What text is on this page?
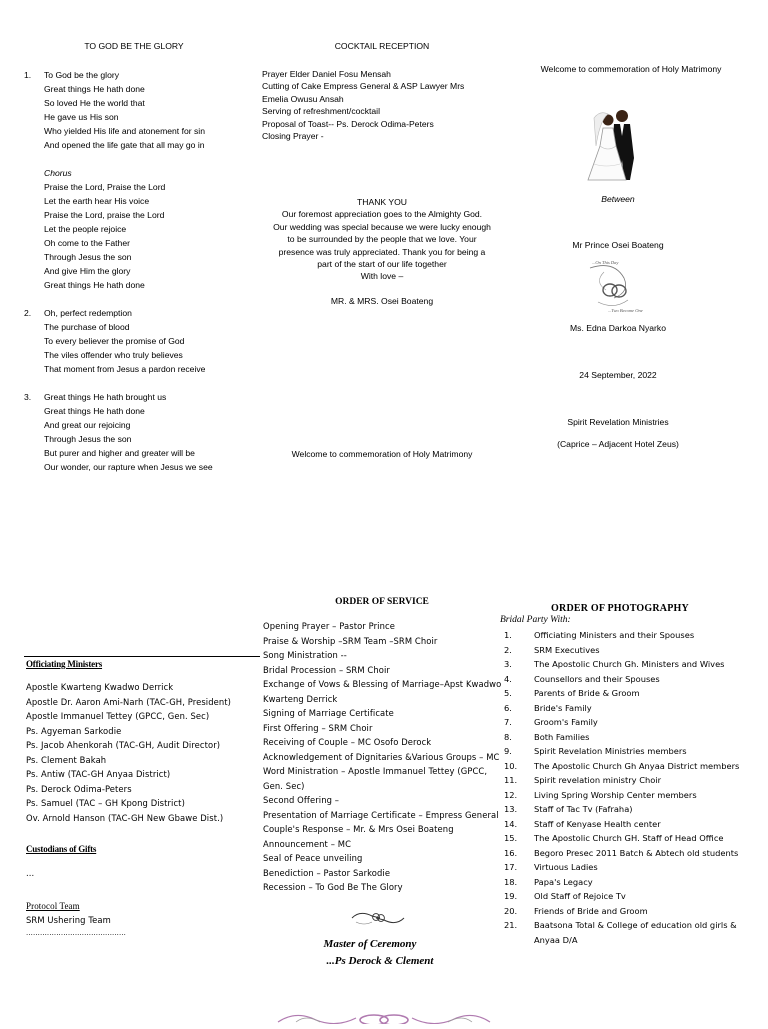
TO GOD BE THE GLORY
1.	To God be the glory
Great things He hath done
So loved He the world that
He gave us His son
Who yielded His life and atonement for sin
And opened the life gate that all may go in
Chorus
Praise the Lord, Praise the Lord
Let the earth hear His voice
Praise the Lord, praise the Lord
Let the people rejoice
Oh come to the Father
Through Jesus the son
And give Him the glory
Great things He hath done
2.	Oh, perfect redemption
The purchase of blood
To every believer the promise of God
The viles offender who truly believes
That moment from Jesus a pardon receive
3.	Great things He hath brought us
Great things He hath done
And great our rejoicing
Through Jesus the son
But purer and higher and greater will be
Our wonder, our rapture when Jesus we see
COCKTAIL RECEPTION
Prayer Elder Daniel Fosu Mensah
Cutting of Cake Empress General & ASP Lawyer Mrs
Emelia Owusu Ansah
Serving of refreshment/cocktail
Proposal of Toast-- Ps. Derock Odima-Peters
Closing Prayer -
THANK YOU
Our foremost appreciation goes to the Almighty God.
Our wedding was special because we were lucky enough
to be surrounded by the people that we love. Your
presence was truly appreciated. Thank you for being a
part of the start of our life together
With love –
MR. & MRS. Osei Boateng
Welcome to commemoration of Holy Matrimony
Welcome to commemoration of Holy Matrimony
Between
Mr Prince Osei Boateng
...On This Day
...Two Become One
Ms. Edna Darkoa Nyarko
24 September, 2022
Spirit Revelation Ministries
(Caprice – Adjacent Hotel Zeus)
Officiating Ministers
Apostle Kwarteng Kwadwo Derrick
Apostle Dr. Aaron Ami-Narh (TAC-GH, President)
Apostle Immanuel Tettey (GPCC, Gen. Sec)
Ps. Agyeman Sarkodie
Ps. Jacob Ahenkorah (TAC-GH, Audit Director)
Ps. Clement Bakah
Ps. Antiw (TAC-GH Anyaa District)
Ps. Derock Odima-Peters
Ps. Samuel (TAC – GH Kpong District)
Ov. Arnold Hanson (TAC-GH New Gbawe Dist.)
Custodians of Gifts
...
Protocol Team
SRM Ushering Team
...........................................
ORDER OF SERVICE
Opening Prayer – Pastor Prince
Praise & Worship –SRM Team –SRM Choir
Song Ministration --
Bridal Procession – SRM Choir
Exchange of Vows & Blessing of Marriage–Apst Kwadwo
Kwarteng Derrick
Signing of Marriage Certificate
First Offering – SRM Choir
Receiving of Couple – MC Osofo Derock
Acknowledgement of Dignitaries &Various Groups – MC
Word Ministration – Apostle Immanuel Tettey (GPCC,
Gen. Sec)
Second Offering –
Presentation of Marriage Certificate – Empress General
Couple's Response – Mr. & Mrs Osei Boateng
Announcement – MC
Seal of Peace unveiling
Benediction – Pastor Sarkodie
Recession – To God Be The Glory
Master of Ceremony
...Ps Derock & Clement
ORDER OF PHOTOGRAPHY
Bridal Party With:
1.	Officiating Ministers and their Spouses
2.	SRM Executives
3.	The Apostolic Church Gh. Ministers and Wives
4.	Counsellors and their Spouses
5.	Parents of Bride & Groom
6.	Bride's Family
7.	Groom's Family
8.	Both Families
9.	Spirit Revelation Ministries members
10.	The Apostolic Church Gh Anyaa District members
11.	Spirit revelation ministry Choir
12.	Living Spring Worship Center members
13.	Staff of Tac Tv (Fafraha)
14.	Staff of Kenyase Health center
15.	The Apostolic Church GH. Staff of Head Office
16.	Begoro Presec 2011 Batch & Abtech old students
17.	Virtuous Ladies
18.	Papa's Legacy
19.	Old Staff of Rejoice Tv
20.	Friends of Bride and Groom
21.	Baatsona Total & College of education old girls & Anyaa D/A
